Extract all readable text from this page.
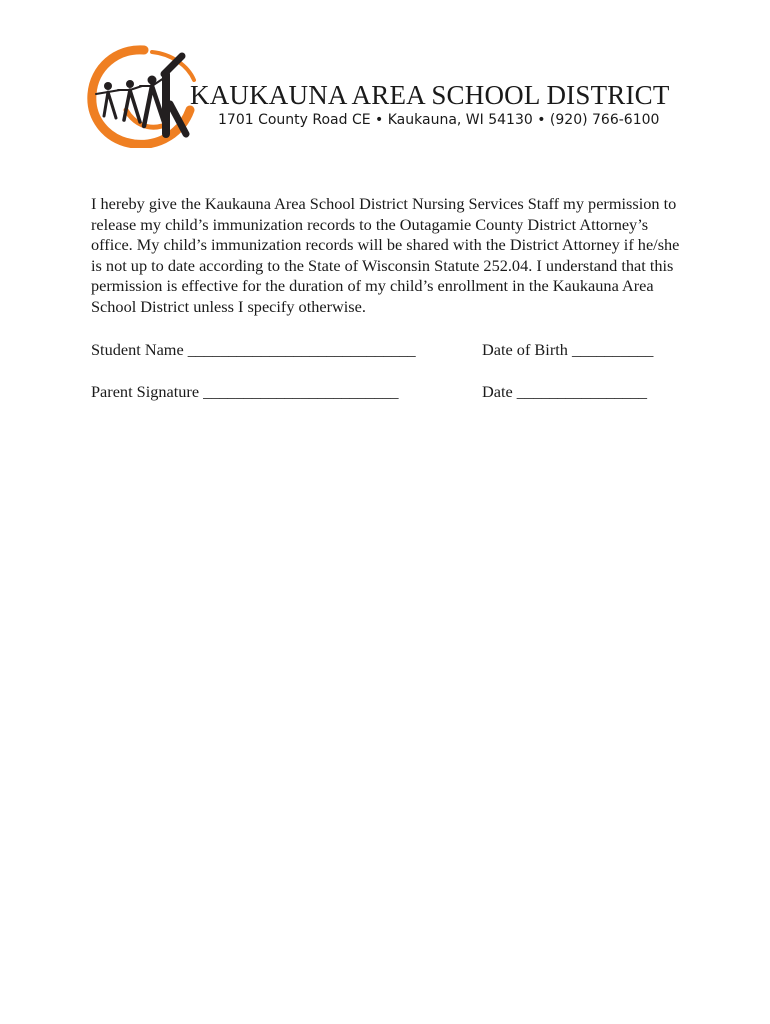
KAUKAUNA AREA SCHOOL DISTRICT
1701 County Road CE • Kaukauna, WI 54130 • (920) 766-6100

I hereby give the Kaukauna Area School District Nursing Services Staff my permission to release my child’s immunization records to the Outagamie County District Attorney’s office. My child’s immunization records will be shared with the District Attorney if he/she is not up to date according to the State of Wisconsin Statute 252.04. I understand that this permission is effective for the duration of my child’s enrollment in the Kaukauna Area School District unless I specify otherwise.

Student Name ____________________________	Date of Birth __________
Parent Signature ________________________	Date ________________
